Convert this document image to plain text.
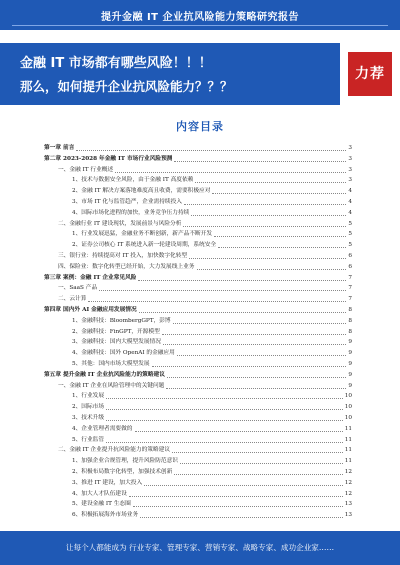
提升金融 IT 企业抗风险能力策略研究报告
金融 IT 市场都有哪些风险！！！
那么，如何提升企业抗风险能力？？？
力荐
内容目录
第一章 前言	3
第二章 2023-2028 年金融 IT 市场行业风险预测	3
一、金融 IT 行业概述	3
1、技术与数据安全风险，由于金融 IT 高度依赖	3
2、金融 IT 解决方案落地难度高且收费，需要积极应对	4
3、市场 IT 化与监管趋严，企业需持续投入	4
4、国际市场化进程的加快，业务竞争压力持续	4
二、金融行业 IT 建设现状，发展前景与风险分析	5
1、行业发展迅猛，金融业务不断创新，新产品不断开发	5
2、证券公司核心 IT 系统进入新一轮建设周期，系统安全	5
三、银行业：持续提高对 IT 投入，加快数字化转型	6
四、保险业：数字化转型已经开始，大力发展线上业务	6
第三章 案例：金融 IT 企业常见风险	7
一、SaaS 产品	7
二、云计算	7
第四章 国内外 AI 金融应用发展情况	8
1、金融科技：BloombergGPT，彭博	8
2、金融科技：FinGPT，开源模型	8
3、金融科技：国内大模型发展情况	9
4、金融科技：国外 OpenAI 的金融应用	9
5、其他：国内市场大模型发展	9
第五章 提升金融 IT 企业抗风险能力的策略建议	9
一、金融 IT 企业在风险管理中的关键问题	9
1、行业发展	10
2、国际市场	10
3、技术升级	10
4、企业管理者需要做的	11
5、行业监管	11
二、金融 IT 企业提升抗风险能力的策略建议	11
1、加强企业合规管理，提升风险防范意识	11
2、积极布局数字化转型，加强技术创新	12
3、推进 IT 建设，加大投入	12
4、加大人才队伍建设	12
5、建设金融 IT 生态圈	13
6、积极拓展海外市场业务	13
让每个人都能成为 行业专家、管理专家、营销专家、战略专家、成功企业家……
